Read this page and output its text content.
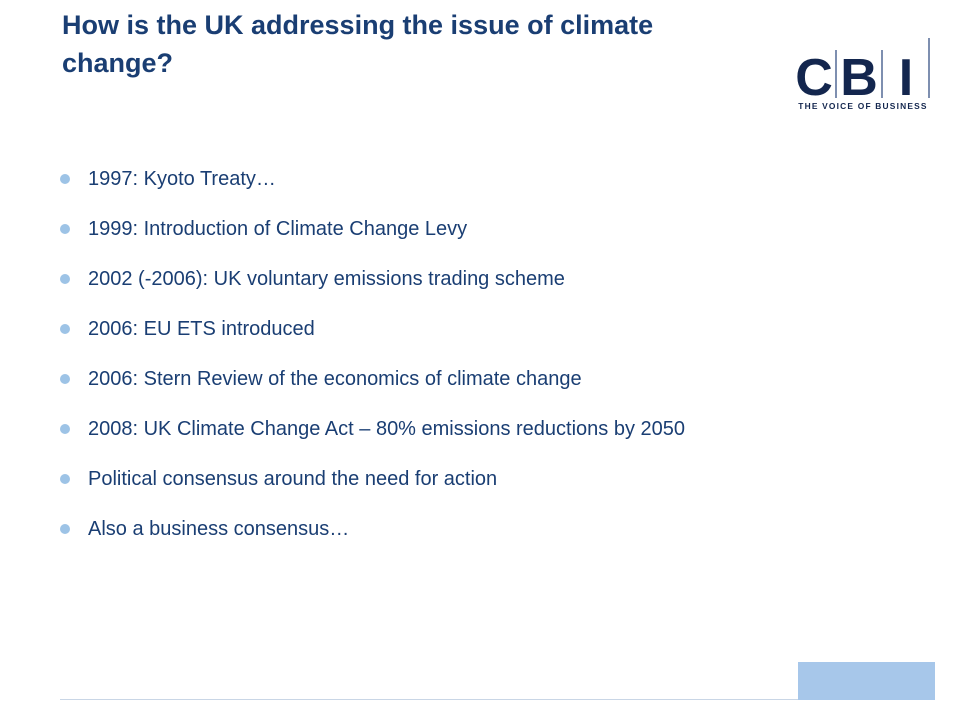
How is the UK addressing the issue of climate change?	C B I
THE VOICE OF BUSINESS
1997: Kyoto Treaty…
1999: Introduction of Climate Change Levy
2002 (-2006): UK voluntary emissions trading scheme
2006: EU ETS introduced
2006: Stern Review of the economics of climate change
2008: UK Climate Change Act – 80% emissions reductions by 2050
Political consensus around the need for action
Also a business consensus…
